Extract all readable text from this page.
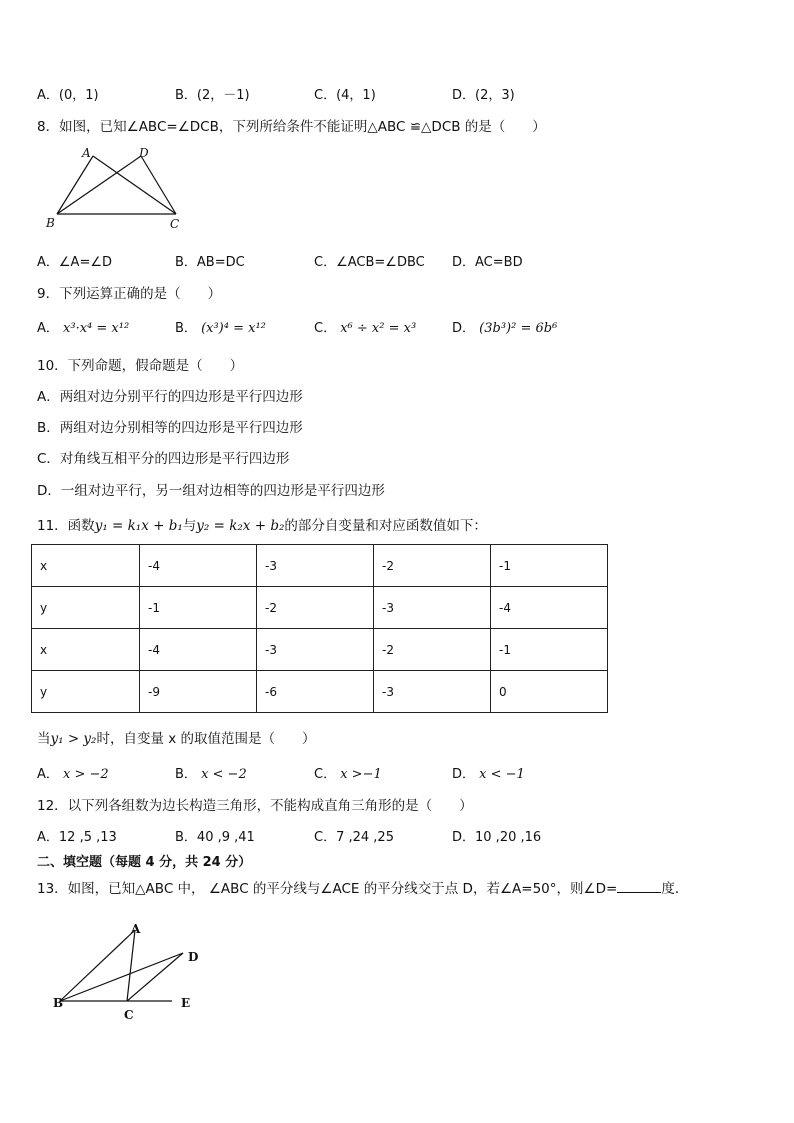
A．(0，1)	B．(2，－1)	C．(4，1)	D．(2，3)
8．如图，已知∠ABC=∠DCB，下列所给条件不能证明△ABC ≌△DCB 的是（　　）
A	D
B	C
A．∠A=∠D	B．AB=DC	C．∠ACB=∠DBC D．AC=BD
9．下列运算正确的是（　　）
A． x³·x⁴ = x¹²	B． (x³)⁴ = x¹²	C． x⁶ ÷ x² = x³	D． (3b³)² = 6b⁶
10．下列命题，假命题是（　　）
A．两组对边分别平行的四边形是平行四边形
B．两组对边分别相等的四边形是平行四边形
C．对角线互相平分的四边形是平行四边形
D．一组对边平行，另一组对边相等的四边形是平行四边形
11．函数y₁ = k₁x + b₁与y₂ = k₂x + b₂的部分自变量和对应函数值如下：
x	-4	-3	-2	-1
y	-1	-2	-3	-4
x	-4	-3	-2	-1
y	-9	-6	-3	0
当y₁ > y₂时，自变量 x 的取值范围是（　　）
A． x > −2	B． x < −2	C． x >−1	D． x < −1
12．以下列各组数为边长构造三角形，不能构成直角三角形的是（　　）
A．12 ,5 ,13	B．40 ,9 ,41	C．7 ,24 ,25	D．10 ,20 ,16
二、填空题（每题 4 分，共 24 分）
13．如图，已知△ABC 中， ∠ABC 的平分线与∠ACE 的平分线交于点 D，若∠A=50°，则∠D=	度．
A
D
B
C
E
